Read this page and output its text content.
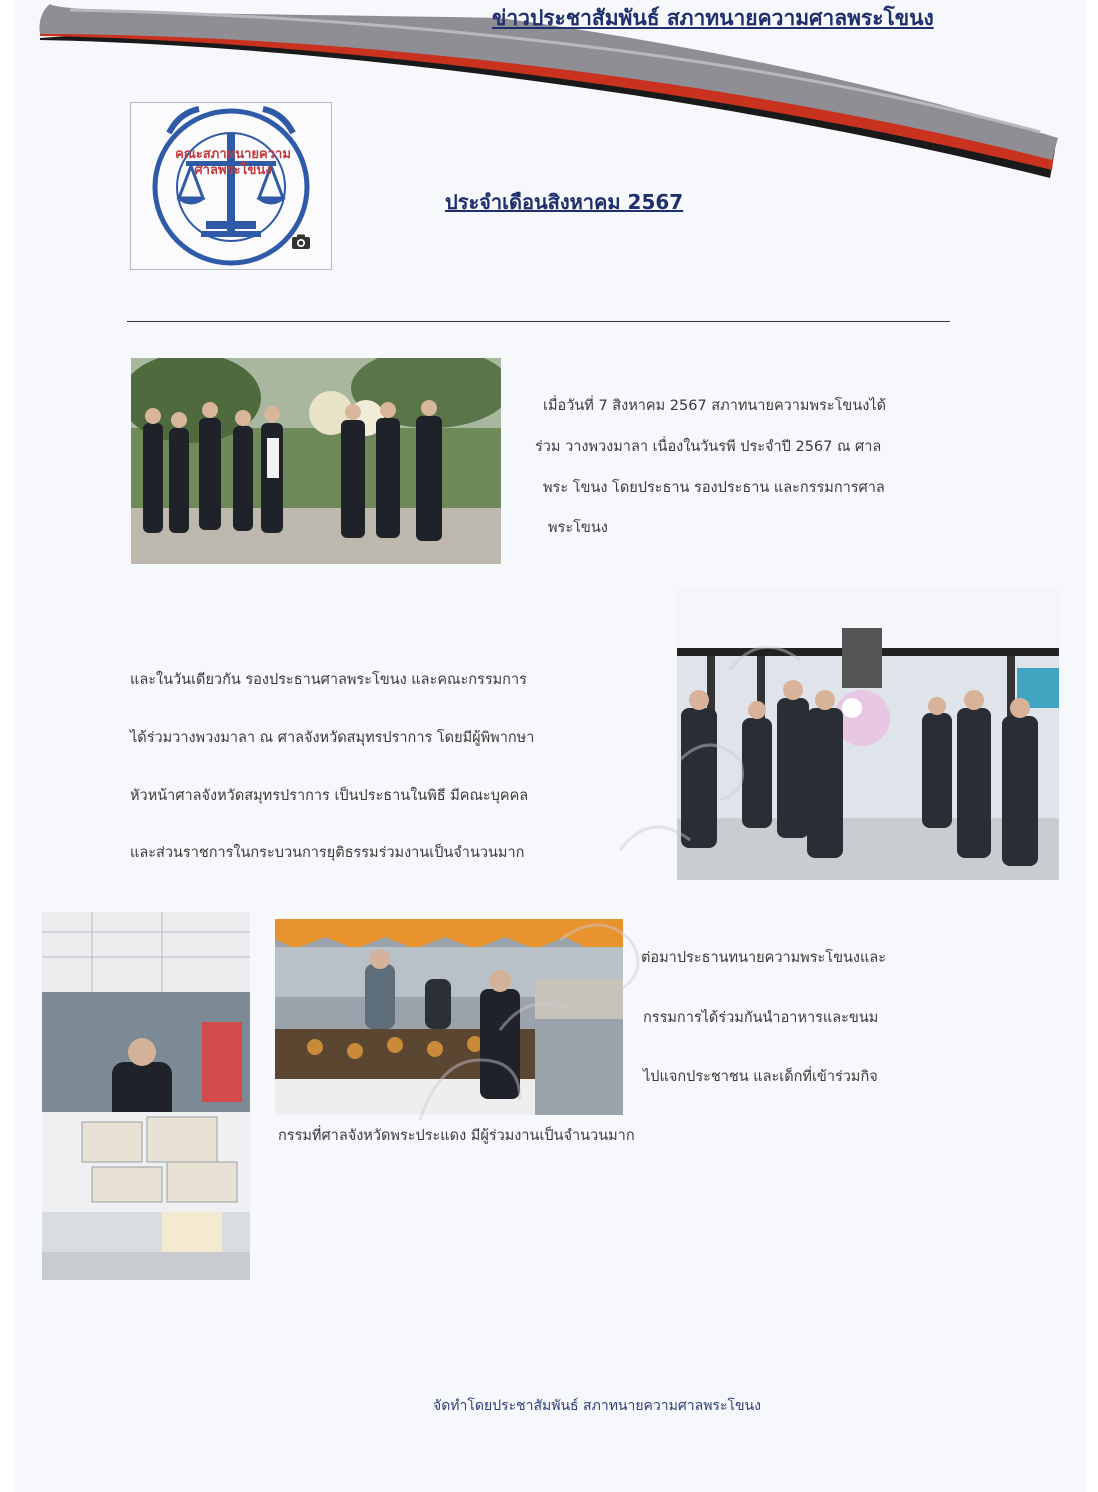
ข่าวประชาสัมพันธ์ สภาทนายความศาลพระโขนง
คณะสภาทนายความ
ศาลพระโขนง
ประจำเดือนสิงหาคม 2567
เมื่อวันที่ 7 สิงหาคม 2567 สภาทนายความพระโขนงได้
ร่วม วางพวงมาลา เนื่องในวันรพี ประจำปี 2567 ณ ศาล
พระ โขนง โดยประธาน รองประธาน และกรรมการศาล
พระโขนง
และในวันเดียวกัน รองประธานศาลพระโขนง และคณะกรรมการ
ได้ร่วมวางพวงมาลา ณ ศาลจังหวัดสมุทรปราการ โดยมีผู้พิพากษา
หัวหน้าศาลจังหวัดสมุทรปราการ เป็นประธานในพิธี มีคณะบุคคล
และส่วนราชการในกระบวนการยุติธรรมร่วมงานเป็นจำนวนมาก
ต่อมาประธานทนายความพระโขนงและ
กรรมการได้ร่วมกันนำอาหารและขนม
ไปแจกประชาชน และเด็กที่เข้าร่วมกิจ
กรรมที่ศาลจังหวัดพระประแดง มีผู้ร่วมงานเป็นจำนวนมาก

จัดทำโดยประชาสัมพันธ์ สภาทนายความศาลพระโขนง
